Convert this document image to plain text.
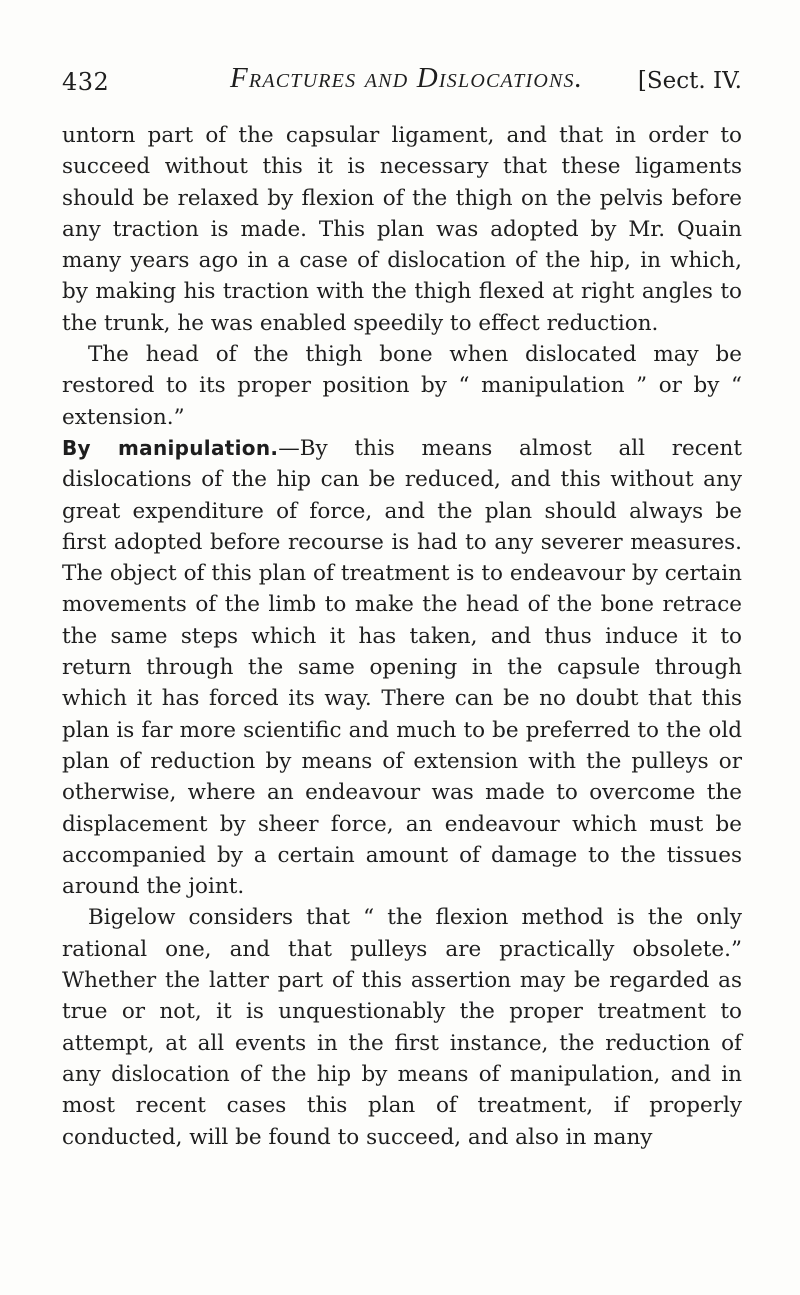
432	Fractures and Dislocations. [Sect. IV.

untorn part of the capsular ligament, and that in order to succeed without this it is necessary that these ligaments should be relaxed by flexion of the thigh on the pelvis before any traction is made. This plan was adopted by Mr. Quain many years ago in a case of dislocation of the hip, in which, by making his traction with the thigh flexed at right angles to the trunk, he was enabled speedily to effect reduction.

The head of the thigh bone when dislocated may be restored to its proper position by “ manipulation ” or by “ extension.”

By manipulation.—By this means almost all recent dislocations of the hip can be reduced, and this without any great expenditure of force, and the plan should always be first adopted before recourse is had to any severer measures. The object of this plan of treatment is to endeavour by certain movements of the limb to make the head of the bone retrace the same steps which it has taken, and thus induce it to return through the same opening in the capsule through which it has forced its way. There can be no doubt that this plan is far more scientific and much to be preferred to the old plan of reduction by means of extension with the pulleys or otherwise, where an endeavour was made to overcome the displacement by sheer force, an endeavour which must be accompanied by a certain amount of damage to the tissues around the joint.

Bigelow considers that “ the flexion method is the only rational one, and that pulleys are practically obsolete.” Whether the latter part of this assertion may be regarded as true or not, it is unquestionably the proper treatment to attempt, at all events in the first instance, the reduction of any dislocation of the hip by means of manipulation, and in most recent cases this plan of treatment, if properly conducted, will be found to succeed, and also in many
